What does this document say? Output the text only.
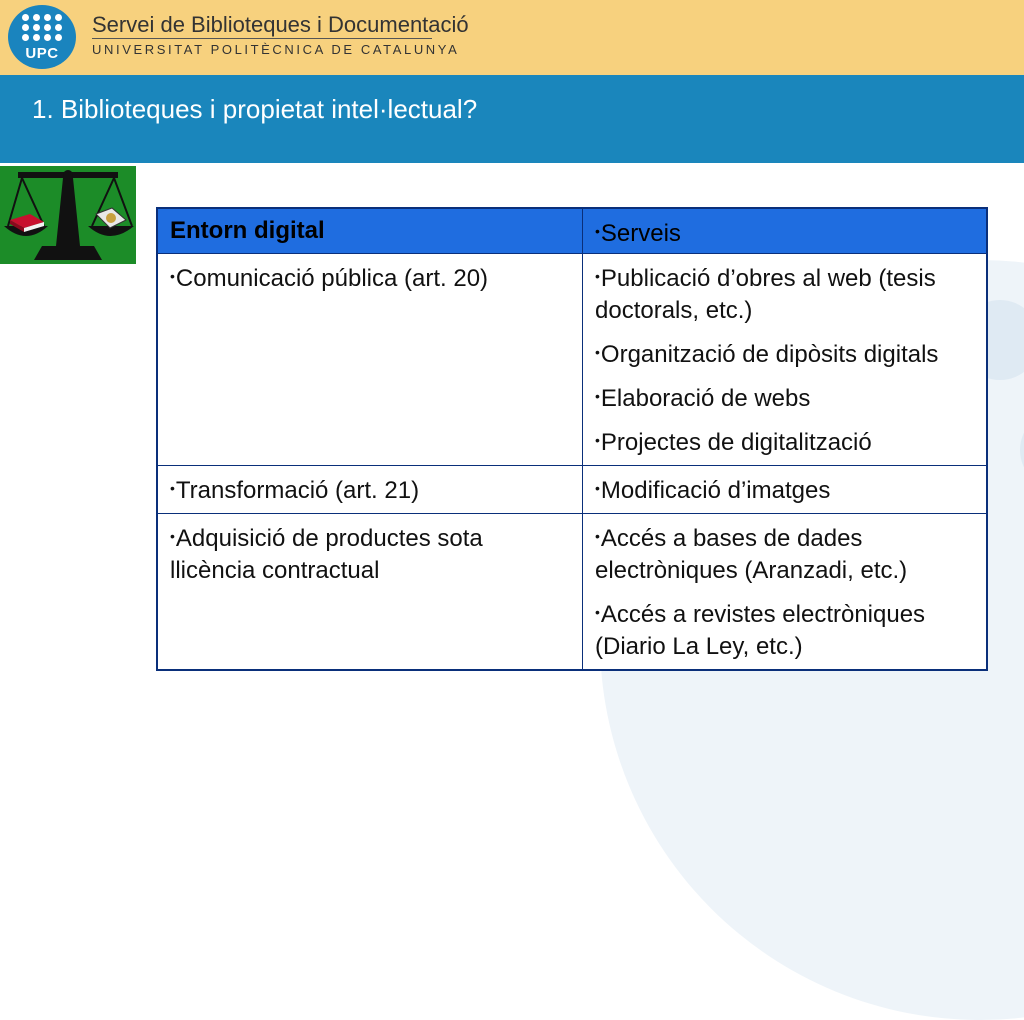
UPC
Servei de Biblioteques i Documentació
UNIVERSITAT POLITÈCNICA DE CATALUNYA
1. Biblioteques i propietat intel·lectual?
Entorn digital	•Serveis

•Comunicació pública (art. 20)	•Publicació d’obres al web (tesis doctorals, etc.)
•Organització de dipòsits digitals
•Elaboració de webs
•Projectes de digitalització

•Transformació (art. 21)	•Modificació d’imatges

•Adquisició de productes sota llicència contractual	•Accés a bases de dades electròniques (Aranzadi, etc.)
•Accés a revistes electròniques (Diario La Ley, etc.)
